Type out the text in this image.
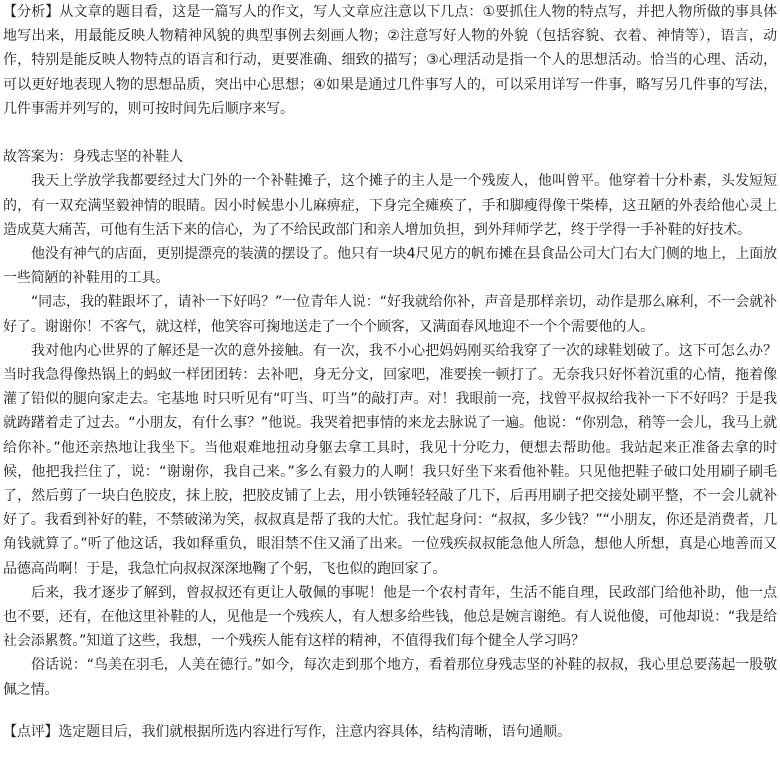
【分析】从文章的题目看，这是一篇写人的作文，写人文章应注意以下几点：①要抓住人物的特点写，并把人物所做的事具体地写出来，用最能反映人物精神风貌的典型事例去刻画人物；②注意写好人物的外貌（包括容貌、衣着、神情等），语言，动作，特别是能反映人物特点的语言和行动，更要准确、细致的描写；③心理活动是指一个人的思想活动。恰当的心理、活动，可以更好地表现人物的思想品质，突出中心思想；④如果是通过几件事写人的，可以采用详写一件事，略写另几件事的写法，几件事需并列写的，则可按时间先后顺序来写。

故答案为：身残志坚的补鞋人

我天上学放学我都要经过大门外的一个补鞋摊子，这个摊子的主人是一个残废人，他叫曾平。他穿着十分朴素，头发短短的，有一双充满坚毅神情的眼睛。因小时候患小儿麻痹症，下身完全瘫痪了，手和脚瘦得像干柴棒，这丑陋的外表给他心灵上造成莫大痛苦，可他有生活下来的信心，为了不给民政部门和亲人增加负担，到外拜师学艺，终于学得一手补鞋的好技术。

他没有神气的店面，更别提漂亮的装潢的摆设了。他只有一块4尺见方的帆布摊在县食品公司大门右大门侧的地上，上面放一些简陋的补鞋用的工具。

“同志，我的鞋跟坏了，请补一下好吗？”一位青年人说：“好我就给你补，声音是那样亲切，动作是那么麻利，不一会就补好了。谢谢你！不客气，就这样，他笑容可掬地送走了一个个顾客，又满面春风地迎不一个个需要他的人。

我对他内心世界的了解还是一次的意外接触。有一次，我不小心把妈妈刚买给我穿了一次的球鞋划破了。这下可怎么办？当时我急得像热锅上的蚂蚁一样团团转：去补吧，身无分文，回家吧，准要挨一顿打了。无奈我只好怀着沉重的心情，拖着像灌了铅似的腿向家走去。宅基地 时只听见有“叮当、叮当”的敲打声。对！我眼前一亮，找曾平叔叔给我补一下不好吗？于是我就踌躇着走了过去。“小朋友，有什么事？”他说。我哭着把事情的来龙去脉说了一遍。他说：“你别急，稍等一会儿，我马上就给你补。”他还亲热地让我坐下。当他艰难地扭动身躯去拿工具时，我见十分吃力，便想去帮助他。我站起来正准备去拿的时候，他把我拦住了，说：“谢谢你，我自己来。”多么有毅力的人啊！我只好坐下来看他补鞋。只见他把鞋子破口处用刷子刷毛了，然后剪了一块白色胶皮，抹上胶，把胶皮铺了上去，用小铁锤轻轻敲了几下，后再用刷子把交接处刷平整，不一会儿就补好了。我看到补好的鞋，不禁破涕为笑，叔叔真是帮了我的大忙。我忙起身问：“叔叔，多少钱？”“小朋友，你还是消费者，几角钱就算了。”听了他这话，我如释重负，眼泪禁不住又涌了出来。一位残疾叔叔能急他人所急，想他人所想，真是心地善而又品德高尚啊！于是，我急忙向叔叔深深地鞠了个躬，飞也似的跑回家了。

后来，我才逐步了解到，曾叔叔还有更让人敬佩的事呢！他是一个农村青年，生活不能自理，民政部门给他补助，他一点也不要，还有，在他这里补鞋的人，见他是一个残疾人，有人想多给些钱，他总是婉言谢绝。有人说他傻，可他却说：“我是给社会添累赘。”知道了这些，我想，一个残疾人能有这样的精神，不值得我们每个健全人学习吗？

俗话说：“鸟美在羽毛，人美在德行。”如今，每次走到那个地方，看着那位身残志坚的补鞋的叔叔，我心里总要荡起一股敬佩之情。

【点评】选定题目后，我们就根据所选内容进行写作，注意内容具体，结构清晰，语句通顺。
